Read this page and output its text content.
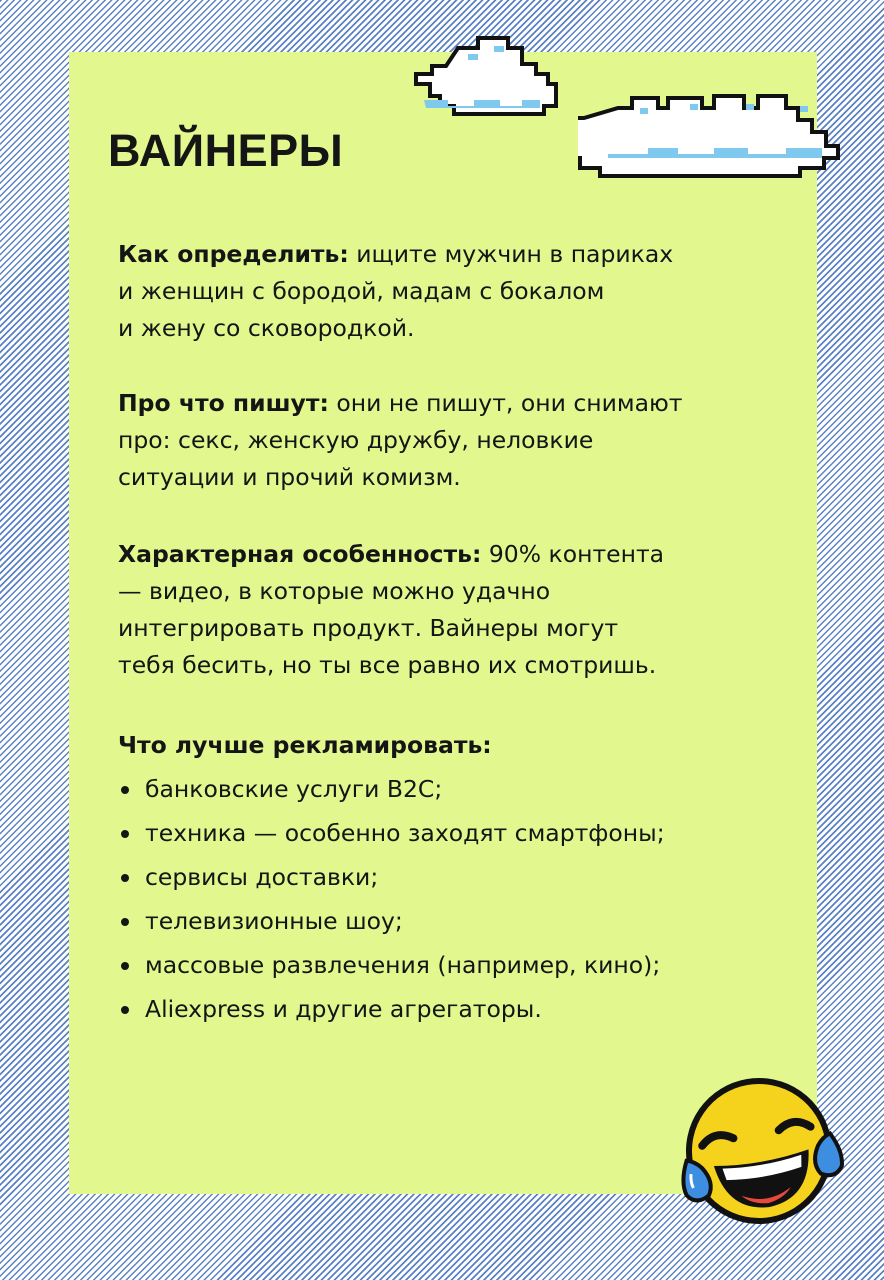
ВАЙНЕРЫ

Как определить: ищите мужчин в париках
и женщин с бородой, мадам с бокалом
и жену со сковородкой.

Про что пишут: они не пишут, они снимают
про: секс, женскую дружбу, неловкие
ситуации и прочий комизм.

Характерная особенность: 90% контента
— видео, в которые можно удачно
интегрировать продукт. Вайнеры могут
тебя бесить, но ты все равно их смотришь.

Что лучше рекламировать:

банковские услуги B2C;
техника — особенно заходят смартфоны;
сервисы доставки;
телевизионные шоу;
массовые развлечения (например, кино);
Aliexpress и другие агрегаторы.
